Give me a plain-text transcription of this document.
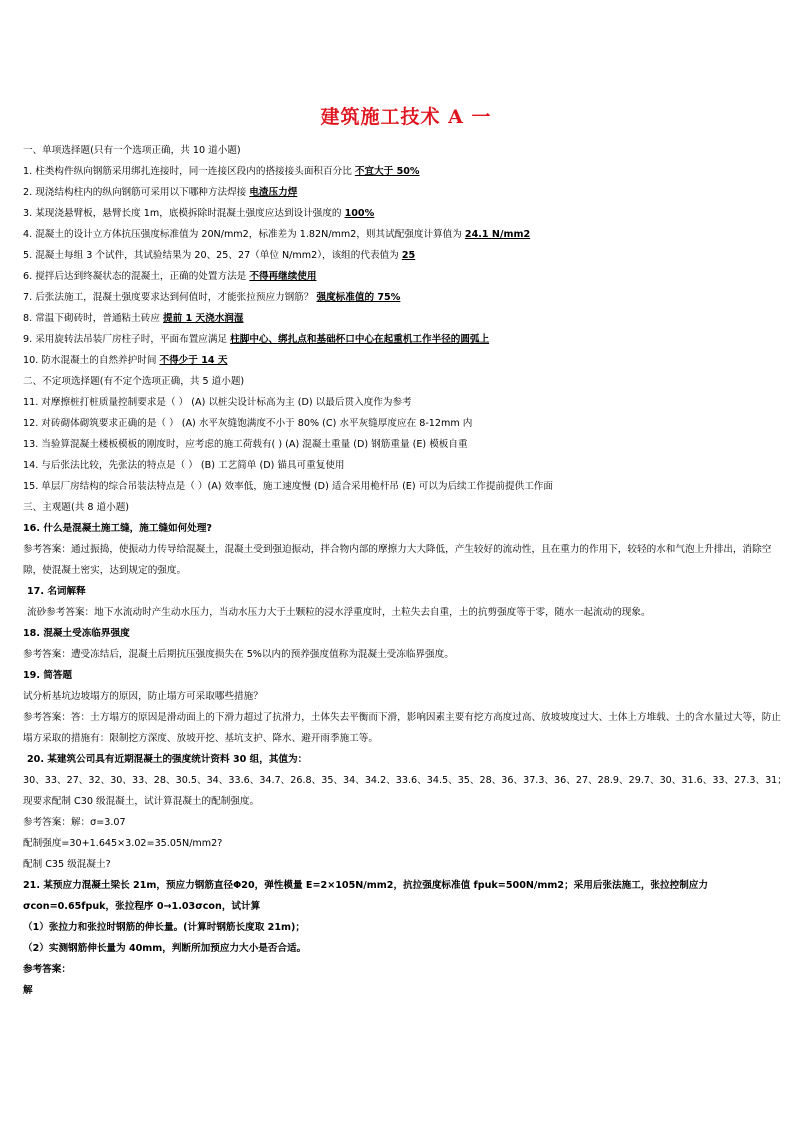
建筑施工技术 A 一
一、单项选择题(只有一个选项正确，共 10 道小题)
1. 柱类构件纵向钢筋采用绑扎连接时，同一连接区段内的搭接接头面积百分比 不宜大于 50%
2. 现浇结构柱内的纵向钢筋可采用以下哪种方法焊接 电渣压力焊
3. 某现浇悬臂板，悬臂长度 1m，底模拆除时混凝土强度应达到设计强度的 100%
4. 混凝土的设计立方体抗压强度标准值为 20N/mm2，标准差为 1.82N/mm2，则其试配强度计算值为 24.1 N/mm2
5. 混凝土每组 3 个试件，其试验结果为 20、25、27（单位 N/mm2），该组的代表值为 25
6. 搅拌后达到终凝状态的混凝土，正确的处置方法是 不得再继续使用
7. 后张法施工，混凝土强度要求达到何值时，才能张拉预应力钢筋？ 强度标准值的 75%
8. 常温下砌砖时，普通粘土砖应 提前 1 天浇水润湿
9. 采用旋转法吊装厂房柱子时，平面布置应满足 柱脚中心、绑扎点和基础杯口中心在起重机工作半径的圆弧上
10. 防水混凝土的自然养护时间 不得少于 14 天
二、不定项选择题(有不定个选项正确，共 5 道小题)
11. 对摩擦桩打桩质量控制要求是（ ） (A) 以桩尖设计标高为主 (D) 以最后贯入度作为参考
12. 对砖砌体砌筑要求正确的是（ ） (A) 水平灰缝饱满度不小于 80% (C) 水平灰缝厚度应在 8-12mm 内
13. 当验算混凝土楼板模板的刚度时，应考虑的施工荷载有( ) (A) 混凝土重量 (D) 钢筋重量 (E) 模板自重
14. 与后张法比较，先张法的特点是（ ） (B) 工艺简单 (D) 锚具可重复使用
15. 单层厂房结构的综合吊装法特点是（ ）(A) 效率低，施工速度慢 (D) 适合采用桅杆吊 (E) 可以为后续工作提前提供工作面
三、主观题(共 8 道小题)
16. 什么是混凝土施工缝，施工缝如何处理?
参考答案：通过振捣，使振动力传导给混凝土，混凝土受到强迫振动，拌合物内部的摩擦力大大降低，产生较好的流动性，且在重力的作用下，较轻的水和气泡上升排出，消除空隙，使混凝土密实，达到规定的强度。
17. 名词解释
流砂参考答案：地下水流动时产生动水压力，当动水压力大于土颗粒的浸水浮重度时，土粒失去自重，土的抗剪强度等于零，随水一起流动的现象。
18. 混凝土受冻临界强度
参考答案：遭受冻结后，混凝土后期抗压强度损失在 5%以内的预养强度值称为混凝土受冻临界强度。
19. 简答题
试分析基坑边坡塌方的原因，防止塌方可采取哪些措施？
参考答案：答：土方塌方的原因是滑动面上的下滑力超过了抗滑力，土体失去平衡而下滑，影响因素主要有挖方高度过高、放坡坡度过大、土体上方堆载、土的含水量过大等，防止塌方采取的措施有：限制挖方深度、放坡开挖、基坑支护、降水、避开雨季施工等。
20. 某建筑公司具有近期混凝土的强度统计资料 30 组，其值为：
30、33、27、32、30、33、28、30.5、34、33.6、34.7、26.8、35、34、34.2、33.6、34.5、35、28、36、37.3、36、27、28.9、29.7、30、31.6、33、27.3、31；
现要求配制 C30 级混凝土，试计算混凝土的配制强度。
参考答案：解：σ=3.07
配制强度=30+1.645×3.02=35.05N/mm2?
配制 C35 级混凝土?
21. 某预应力混凝土梁长 21m，预应力钢筋直径Φ20，弹性模量 E=2×105N/mm2，抗拉强度标准值 fpuk=500N/mm2；采用后张法施工，张拉控制应力σcon=0.65fpuk，张拉程序 0→1.03σcon，试计算
（1）张拉力和张拉时钢筋的伸长量。(计算时钢筋长度取 21m)；
（2）实测钢筋伸长量为 40mm，判断所加预应力大小是否合适。
参考答案：
解
